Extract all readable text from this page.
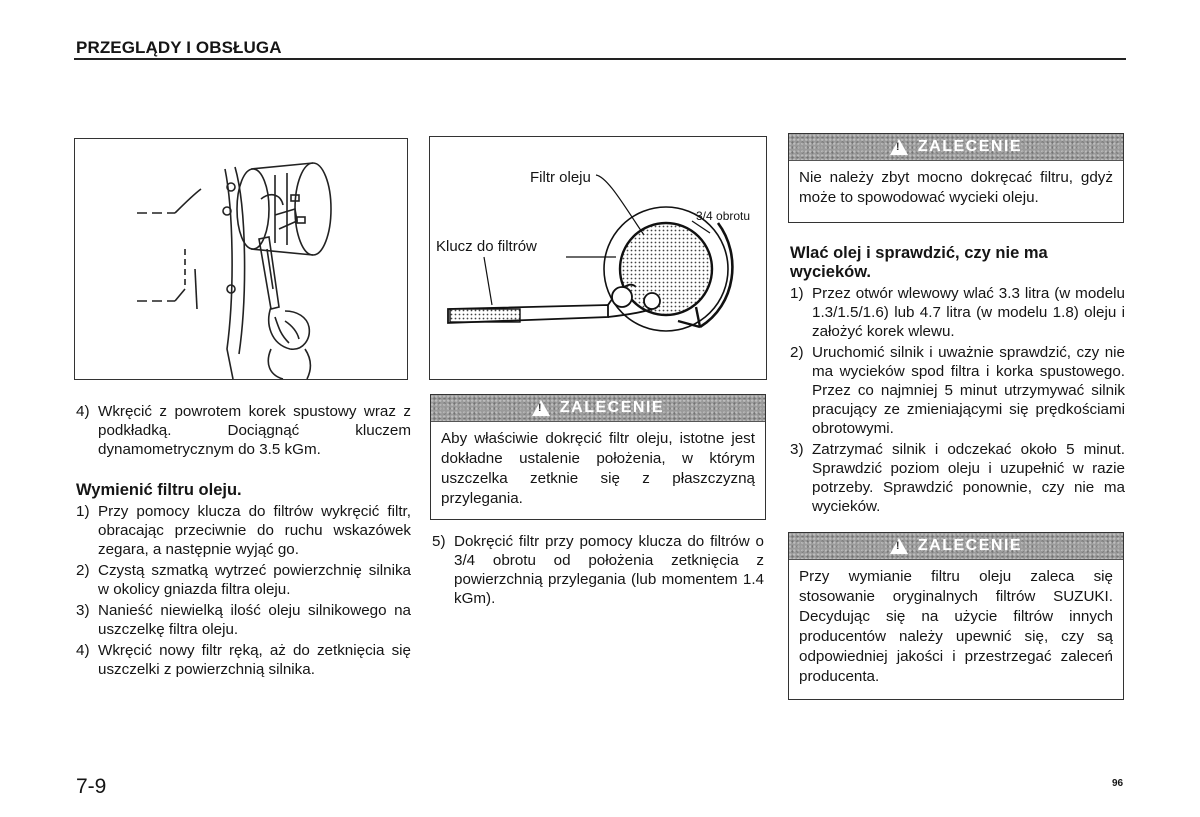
PRZEGLĄDY I OBSŁUGA
Filtr oleju
Klucz do filtrów
3/4 obrotu
4) Wkręcić z powrotem korek spustowy wraz z podkładką. Dociągnąć kluczem dynamometrycznym do 3.5 kGm.
Wymienić filtru oleju.
1) Przy pomocy klucza do filtrów wykręcić filtr, obracając przeciwnie do ruchu wskazówek zegara, a następnie wyjąć go.
2) Czystą szmatką wytrzeć powierzchnię silnika w okolicy gniazda filtra oleju.
3) Nanieść niewielką ilość oleju silnikowego na uszczelkę filtra oleju.
4) Wkręcić nowy filtr ręką, aż do zetknięcia się uszczelki z powierzchnią silnika.
!
ZALECENIE
Aby właściwie dokręcić filtr oleju, istotne jest dokładne ustalenie położenia, w którym uszczelka zetknie się z płaszczyzną przylegania.
5) Dokręcić filtr przy pomocy klucza do filtrów o 3/4 obrotu od położenia zetknięcia z powierzchnią przylegania (lub momentem 1.4 kGm).
!
ZALECENIE
Nie należy zbyt mocno dokręcać filtru, gdyż może to spowodować wycieki oleju.
Wlać olej i sprawdzić, czy nie ma wycieków.
1) Przez otwór wlewowy wlać 3.3 litra (w modelu 1.3/1.5/1.6) lub 4.7 litra (w modelu 1.8) oleju i założyć korek wlewu.
2) Uruchomić silnik i uważnie sprawdzić, czy nie ma wycieków spod filtra i korka spustowego. Przez co najmniej 5 minut utrzymywać silnik pracujący ze zmieniającymi się prędkościami obrotowymi.
3) Zatrzymać silnik i odczekać około 5 minut. Sprawdzić poziom oleju i uzupełnić w razie potrzeby. Sprawdzić ponownie, czy nie ma wycieków.
!
ZALECENIE
Przy wymianie filtru oleju zaleca się stosowanie oryginalnych filtrów SUZUKI. Decydując się na użycie filtrów innych producentów należy upewnić się, czy są odpowiedniej jakości i przestrzegać zaleceń producenta.
7-9	96
